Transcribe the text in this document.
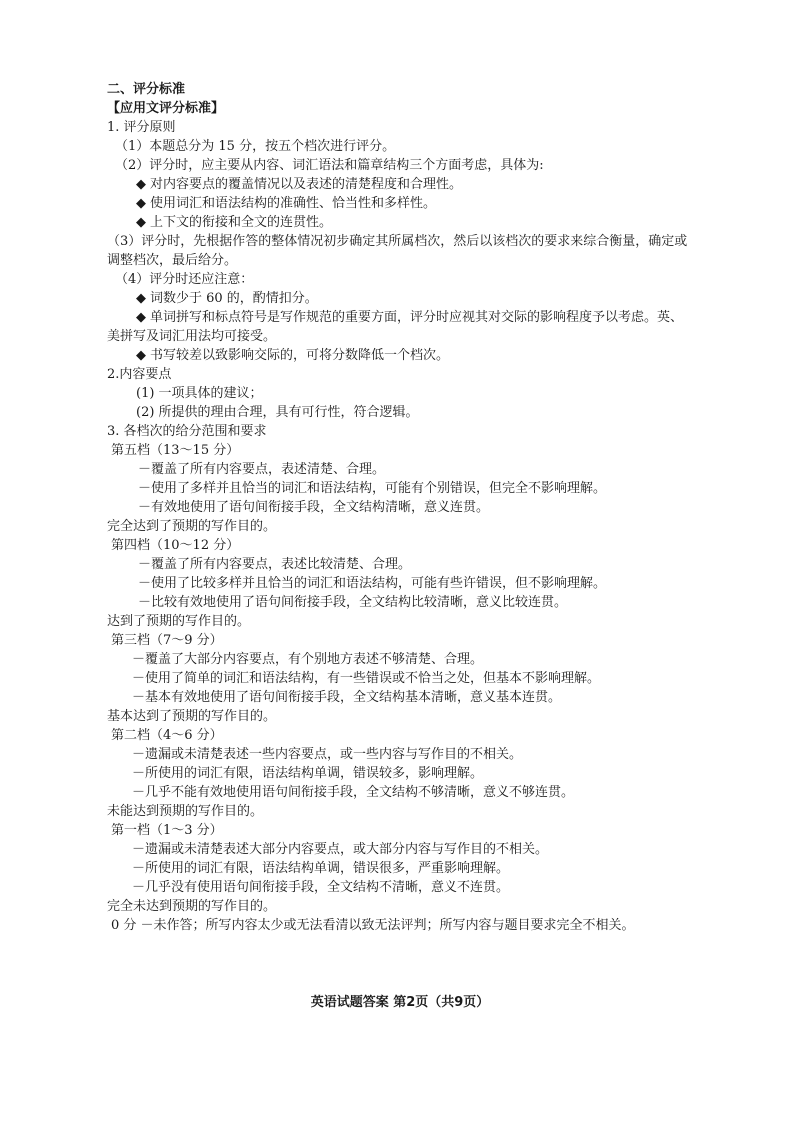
二、评分标准
【应用文评分标准】
1. 评分原则
（1）本题总分为 15 分，按五个档次进行评分。
（2）评分时，应主要从内容、词汇语法和篇章结构三个方面考虑，具体为:
◆ 对内容要点的覆盖情况以及表述的清楚程度和合理性。
◆ 使用词汇和语法结构的准确性、恰当性和多样性。
◆ 上下文的衔接和全文的连贯性。
（3）评分时，先根据作答的整体情况初步确定其所属档次，然后以该档次的要求来综合衡量，确定或
调整档次，最后给分。
（4）评分时还应注意：
◆ 词数少于 60 的，酌情扣分。
◆ 单词拼写和标点符号是写作规范的重要方面，评分时应视其对交际的影响程度予以考虑。英、
美拼写及词汇用法均可接受。
◆ 书写较差以致影响交际的，可将分数降低一个档次。
2.内容要点
(1) 一项具体的建议；
(2) 所提供的理由合理，具有可行性，符合逻辑。
3. 各档次的给分范围和要求
第五档（13～15 分）
－覆盖了所有内容要点，表述清楚、合理。
－使用了多样并且恰当的词汇和语法结构，可能有个别错误，但完全不影响理解。
－有效地使用了语句间衔接手段，全文结构清晰，意义连贯。
完全达到了预期的写作目的。
第四档（10～12 分）
－覆盖了所有内容要点，表述比较清楚、合理。
－使用了比较多样并且恰当的词汇和语法结构，可能有些许错误，但不影响理解。
－比较有效地使用了语句间衔接手段，全文结构比较清晰，意义比较连贯。
达到了预期的写作目的。
第三档（7～9 分）
－覆盖了大部分内容要点，有个别地方表述不够清楚、合理。
－使用了简单的词汇和语法结构，有一些错误或不恰当之处，但基本不影响理解。
－基本有效地使用了语句间衔接手段，全文结构基本清晰，意义基本连贯。
基本达到了预期的写作目的。
第二档（4～6 分）
－遗漏或未清楚表述一些内容要点，或一些内容与写作目的不相关。
－所使用的词汇有限，语法结构单调，错误较多，影响理解。
－几乎不能有效地使用语句间衔接手段，全文结构不够清晰，意义不够连贯。
未能达到预期的写作目的。
第一档（1～3 分）
－遗漏或未清楚表述大部分内容要点，或大部分内容与写作目的不相关。
－所使用的词汇有限，语法结构单调，错误很多，严重影响理解。
－几乎没有使用语句间衔接手段，全文结构不清晰，意义不连贯。
完全未达到预期的写作目的。
0 分 －未作答；所写内容太少或无法看清以致无法评判；所写内容与题目要求完全不相关。
英语试题答案 第2页（共9页）
